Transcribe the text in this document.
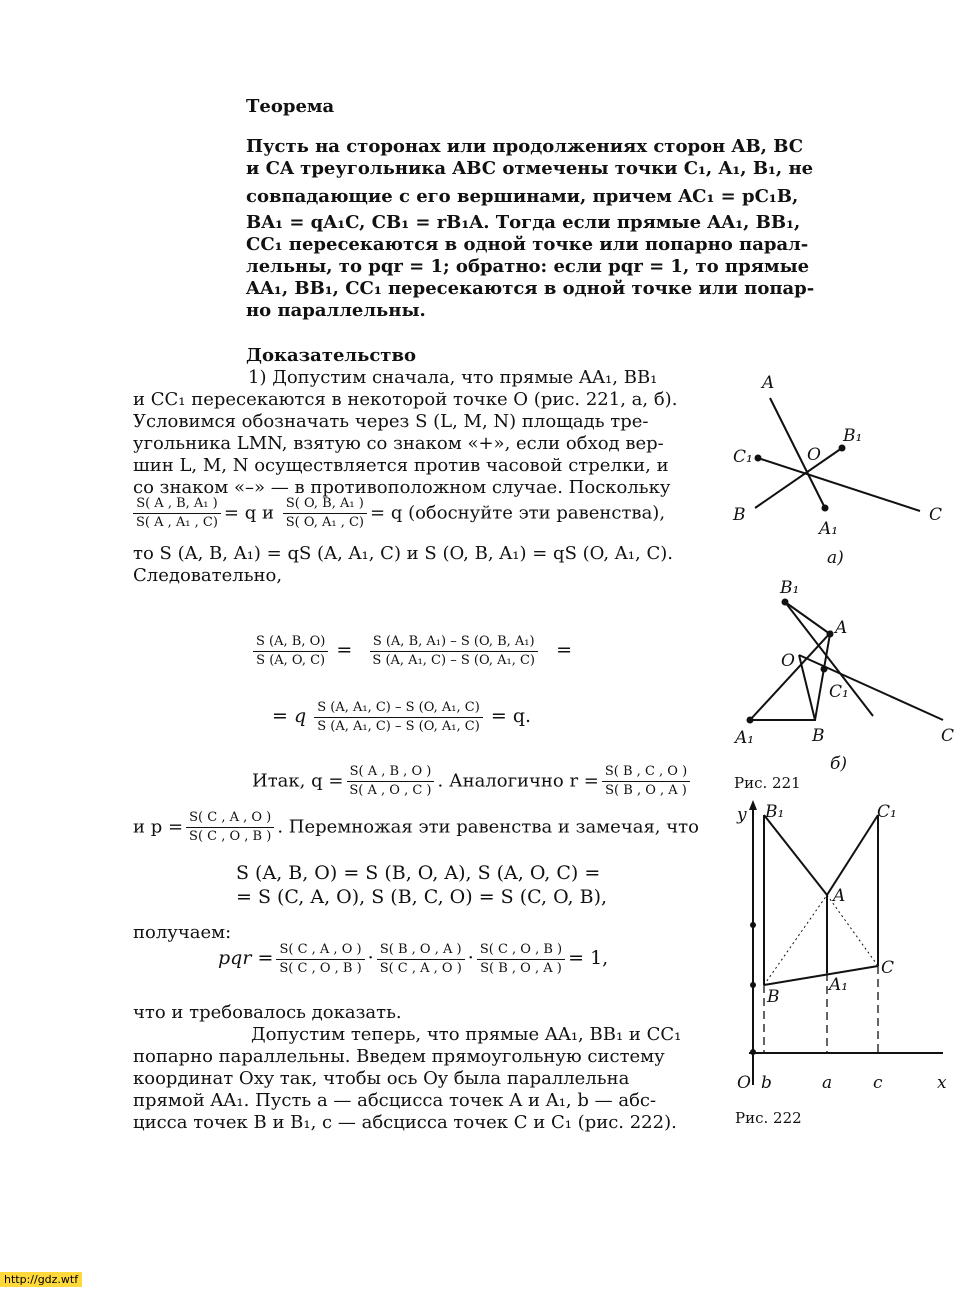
Теорема
Пусть на сторонах или продолжениях сторон AB, BC
и CA треугольника ABC отмечены точки C₁, A₁, B₁, не
совпадающие с его вершинами, причем AC₁ = pC₁B,
BA₁ = qA₁C, CB₁ = rB₁A. Тогда если прямые AA₁, BB₁,
CC₁ пересекаются в одной точке или попарно парал-
лельны, то pqr = 1; обратно: если pqr = 1, то прямые
AA₁, BB₁, CC₁ пересекаются в одной точке или попар-
но параллельны.
Доказательство
1) Допустим сначала, что прямые AA₁, BB₁
и CC₁ пересекаются в некоторой точке O (рис. 221, а, б).
Условимся обозначать через S (L, M, N) площадь тре-
угольника LMN, взятую со знаком «+», если обход вер-
шин L, M, N осуществляется против часовой стрелки, и
со знаком «–» — в противоположном случае. Поскольку
$\frac{\text{S( A , B, A₁ )}}{\text{S( A , A₁ , C)}} = q$ и $\frac{\text{S( O, B, A₁ )}}{\text{S( O, A₁ , C)}} = q$ (обоснуйте эти равенства),
то S (A, B, A₁) = qS (A, A₁, C) и S (O, B, A₁) = qS (O, A₁, C).
Следовательно,
$\frac{S (A, B, O)}{S (A, O, C)} = \frac{\text{S (A, B, A₁) – S (O, B, A₁)}}{\text{S (A, A₁, C) – S (O, A₁, C)}}$ =
= q $\frac{\text{S (A, A₁, C) – S (O, A₁, C)}}{\text{S (A, A₁, C) – S (O, A₁, C)}} = q$.
Итак, $q = \frac{S( A , B , O )}{S( A , O , C )}$ . Аналогично $r = \frac{S( B , C , O )}{S( B , O , A )}$
и $p = \frac{S( C , A , O )}{S( C , O , B )}$ . Перемножая эти равенства и замечая, что
S (A, B, O) = S (B, O, A), S (A, O, C) =
= S (C, A, O), S (B, C, O) = S (C, O, B),
получаем:
pqr = $\frac{S( C , A , O )}{S( C , O , B )} \cdot \frac{S( B , O , A )}{S( C , A , O )} \cdot \frac{S( C , O , B )}{S( B , O , A )} = 1$,
что и требовалось доказать.
Допустим теперь, что прямые AA₁, BB₁ и CC₁
попарно параллельны. Введем прямоугольную систему
координат Oxy так, чтобы ось Oy была параллельна
прямой AA₁. Пусть a — абсцисса точек A и A₁, b — абс-
цисса точек B и B₁, c — абсцисса точек C и C₁ (рис. 222).
A
B₁
C₁	O
B
A₁
C
а)
B₁
A
O
C₁
A₁	B	C
б)
Рис. 221
y B₁	C₁
A
C
B
A₁
O b	a c	x
Рис. 222
http://gdz.wtf
